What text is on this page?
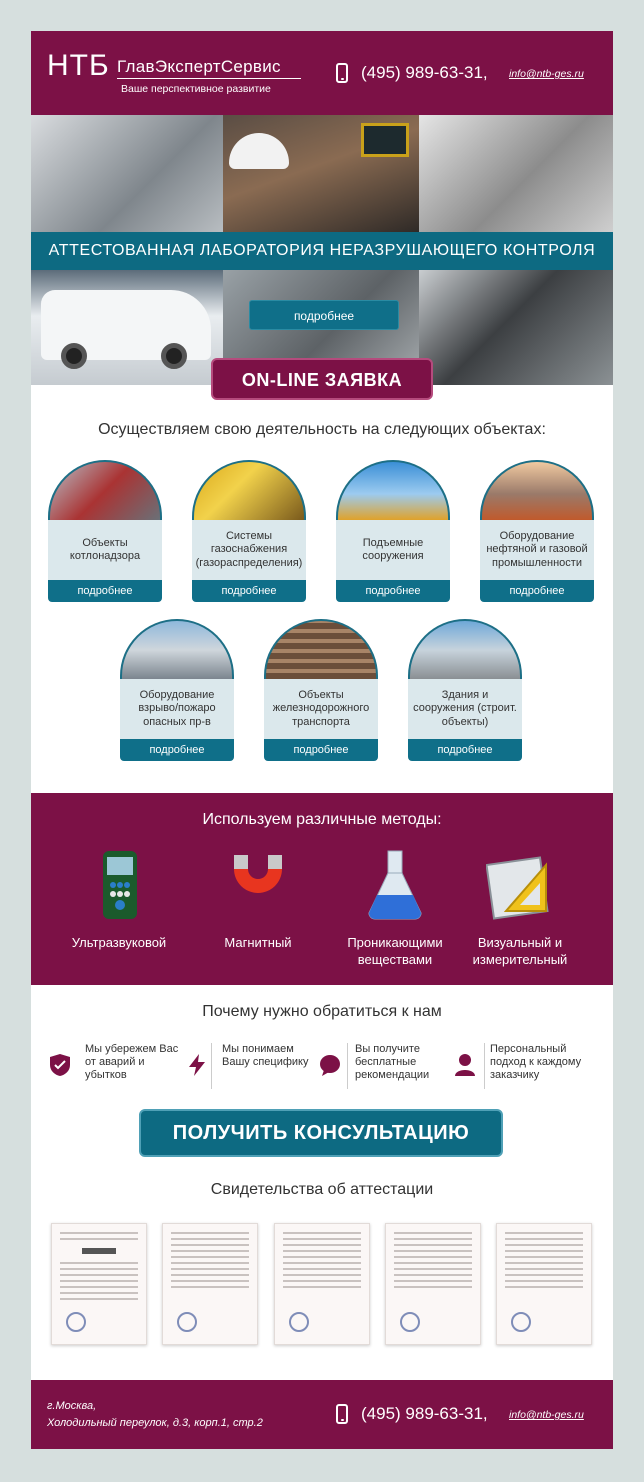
НТБ ГлавЭкспертСервис
Ваше перспективное развитие
(495) 989-63-31, info@ntb-ges.ru
АТТЕСТОВАННАЯ ЛАБОРАТОРИЯ НЕРАЗРУШАЮЩЕГО КОНТРОЛЯ
подробнее
ON-LINE ЗАЯВКА
Осуществляем свою деятельность на следующих объектах:
Объекты котлонадзора
подробнее
Системы газоснабжения (газораспределения)
подробнее
Подъемные сооружения
подробнее
Оборудование нефтяной и газовой промышленности
подробнее
Оборудование взрыво/пожаро опасных пр-в
подробнее
Объекты железнодорожного транспорта
подробнее
Здания и сооружения (строит. объекты)
подробнее
Используем различные методы:
Ультразвуковой	Магнитный	Проникающими веществами
Визуальный и измерительный
Почему нужно обратиться к нам
Мы убережем Вас от аварий и убытков
Мы понимаем Вашу специфику
Вы получите бесплатные рекомендации
Персональный подход к каждому заказчику
ПОЛУЧИТЬ КОНСУЛЬТАЦИЮ
Свидетельства об аттестации
г.Москва,
Холодильный переулок, д.3, корп.1, стр.2	(495) 989-63-31, info@ntb-ges.ru
